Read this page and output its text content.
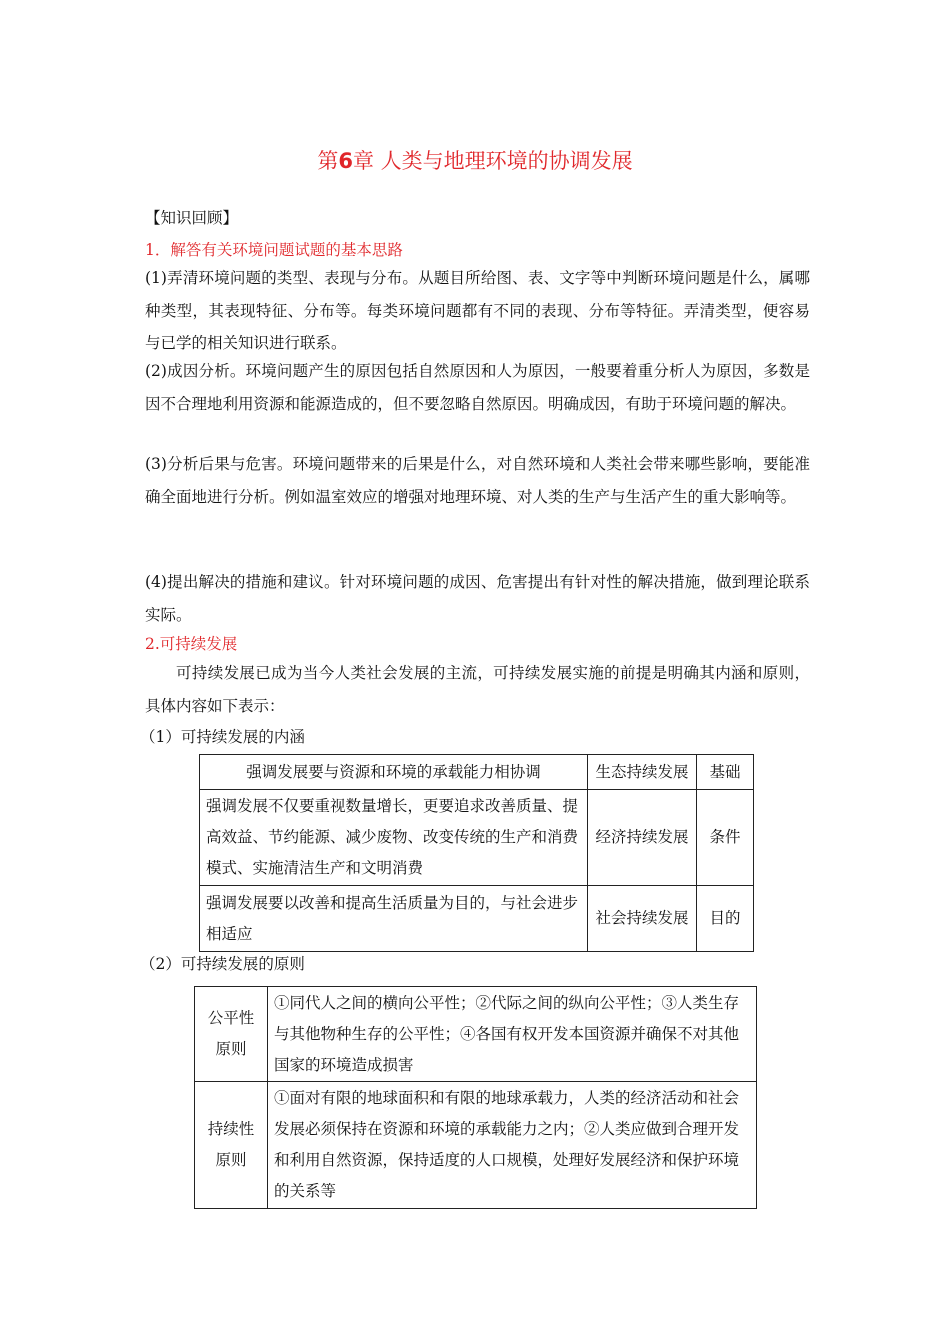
第6章 人类与地理环境的协调发展
【知识回顾】
1．解答有关环境问题试题的基本思路
(1)弄清环境问题的类型、表现与分布。从题目所给图、表、文字等中判断环境问题是什么，属哪种类型，其表现特征、分布等。每类环境问题都有不同的表现、分布等特征。弄清类型，便容易与已学的相关知识进行联系。
(2)成因分析。环境问题产生的原因包括自然原因和人为原因，一般要着重分析人为原因，多数是因不合理地利用资源和能源造成的，但不要忽略自然原因。明确成因，有助于环境问题的解决。
(3)分析后果与危害。环境问题带来的后果是什么，对自然环境和人类社会带来哪些影响，要能准确全面地进行分析。例如温室效应的增强对地理环境、对人类的生产与生活产生的重大影响等。
(4)提出解决的措施和建议。针对环境问题的成因、危害提出有针对性的解决措施，做到理论联系实际。
2.可持续发展
可持续发展已成为当今人类社会发展的主流，可持续发展实施的前提是明确其内涵和原则，具体内容如下表示：
（1）可持续发展的内涵
强调发展要与资源和环境的承载能力相协调	生态持续发展	基础
强调发展不仅要重视数量增长，更要追求改善质量、提高效益、节约能源、减少废物、改变传统的生产和消费模式、实施清洁生产和文明消费	经济持续发展	条件
强调发展要以改善和提高生活质量为目的，与社会进步相适应	社会持续发展	目的
（2）可持续发展的原则
公平性
原则	①同代人之间的横向公平性；②代际之间的纵向公平性；③人类生存与其他物种生存的公平性；④各国有权开发本国资源并确保不对其他国家的环境造成损害

持续性
原则	①面对有限的地球面积和有限的地球承载力，人类的经济活动和社会发展必须保持在资源和环境的承载能力之内；②人类应做到合理开发和利用自然资源，保持适度的人口规模，处理好发展经济和保护环境的关系等
